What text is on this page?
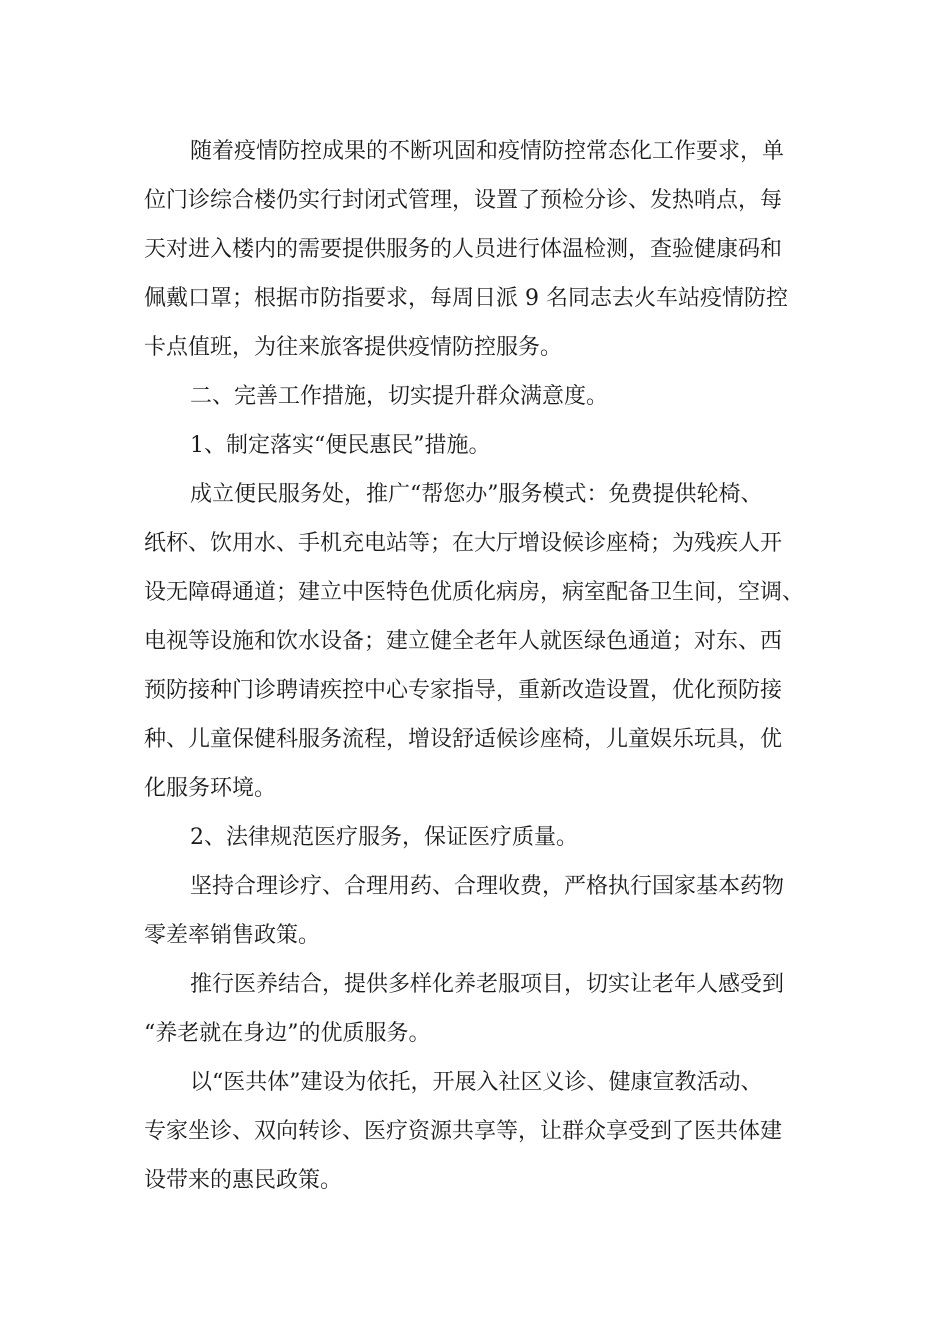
随着疫情防控成果的不断巩固和疫情防控常态化工作要求，单
位门诊综合楼仍实行封闭式管理，设置了预检分诊、发热哨点，每
天对进入楼内的需要提供服务的人员进行体温检测，查验健康码和
佩戴口罩；根据市防指要求，每周日派 9 名同志去火车站疫情防控
卡点值班，为往来旅客提供疫情防控服务。
二、完善工作措施，切实提升群众满意度。
1、制定落实“便民惠民”措施。
成立便民服务处，推广“帮您办”服务模式：免费提供轮椅、
纸杯、饮用水、手机充电站等；在大厅增设候诊座椅；为残疾人开
设无障碍通道；建立中医特色优质化病房，病室配备卫生间，空调、
电视等设施和饮水设备；建立健全老年人就医绿色通道；对东、西
预防接种门诊聘请疾控中心专家指导，重新改造设置，优化预防接
种、儿童保健科服务流程，增设舒适候诊座椅，儿童娱乐玩具，优
化服务环境。
2、法律规范医疗服务，保证医疗质量。
坚持合理诊疗、合理用药、合理收费，严格执行国家基本药物
零差率销售政策。
推行医养结合，提供多样化养老服项目，切实让老年人感受到
“养老就在身边”的优质服务。
以“医共体”建设为依托，开展入社区义诊、健康宣教活动、
专家坐诊、双向转诊、医疗资源共享等，让群众享受到了医共体建
设带来的惠民政策。
